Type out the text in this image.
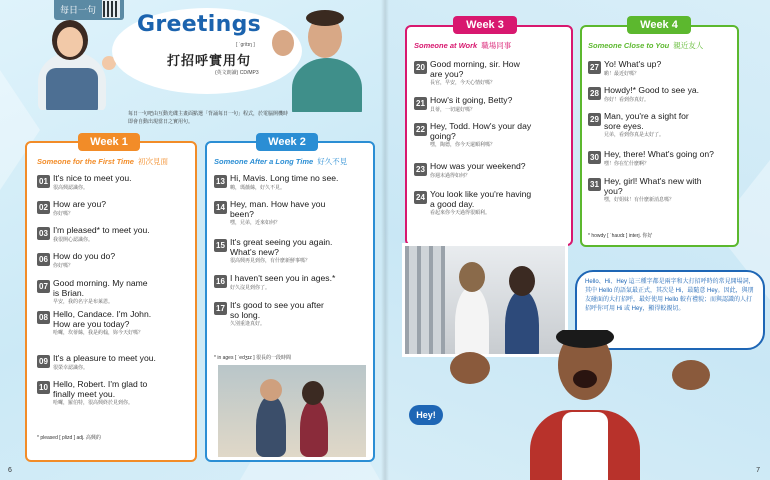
每日一句
Greetings
[ ˈɡritɪŋ ]
打招呼實用句
(英文朗讀) CD/MP3
每日一句吧由互動光碟主畫面點選「背誦每日一句」程式，於電腦開機時即會自動出現當日之實用句。
Week 1
Someone for the First Time 初次見面
01 It's nice to meet you.
很高興認識你。
02 How are you?
你好嗎？
03 I'm pleased* to meet you.
我很開心認識你。
06 How do you do?
你好嗎？
07 Good morning. My name
is Brian.
早安，我的名字是布萊恩。
08 Hello, Candace. I'm John.
How are you today?
哈囉，坎蒂絲，我是約翰，妳今天好嗎？
09 It's a pleasure to meet you.
很榮幸認識你。
10 Hello, Robert. I'm glad to
finally meet you.
哈囉，羅伯特，很高興終於見到你。
* pleased [ plizd ] adj. 高興的
Week 2
Someone After a Long Time 好久不見
13 Hi, Mavis. Long time no see.
嗨，瑪薇絲，好久不見。
14 Hey, man. How have you
been?
嘿，兄弟，近來如何？
15 It's great seeing you again.
What's new?
很高興再見到你，有什麼新鮮事嗎？
16 I haven't seen you in ages.*
好久沒見到你了。
17 It's good to see you after
so long.
久別重逢真好。
* in ages [ ˈedʒɪz ] 很長的一段時間
6	7
Week 3
Someone at Work 職場同事
20 Good morning, sir. How
are you?
長官，早安，今天心情好嗎？
21 How's it going, Betty?
貝蒂，一切還好嗎？
22 Hey, Todd. How's your day
going?
嘿，陶德，你今天還順利嗎？
23 How was your weekend?
你週末過得如何？
24 You look like you're having
a good day.
看起來你今天過得很順利。
Week 4
Someone Close to You 親近友人
27 Yo! What's up?
喲！最近好嗎？
28 Howdy!* Good to see ya.
你好！看到你真好。
29 Man, you're a sight for
sore eyes.
兄弟，看到你真是太好了。
30 Hey, there! What's going on?
嘿！你在忙什麼啊？
31 Hey, girl! What's new with
you?
嘿，好姐妹！有什麼新消息嗎？
* howdy [ ˈhaʊdɪ ] interj. 你好
Hello、Hi、Hey 這三種字都是兩字和大打招呼時的常見開場詞，其中 Hello 的語氣最正式，其次是 Hi，最隨意 Hey。因此，與朋友碰面的大打招呼，最好使用 Hello 較有禮貌；而與認識的人打招呼你可用 Hi 或 Hey，顯得較親切。
Hey!
